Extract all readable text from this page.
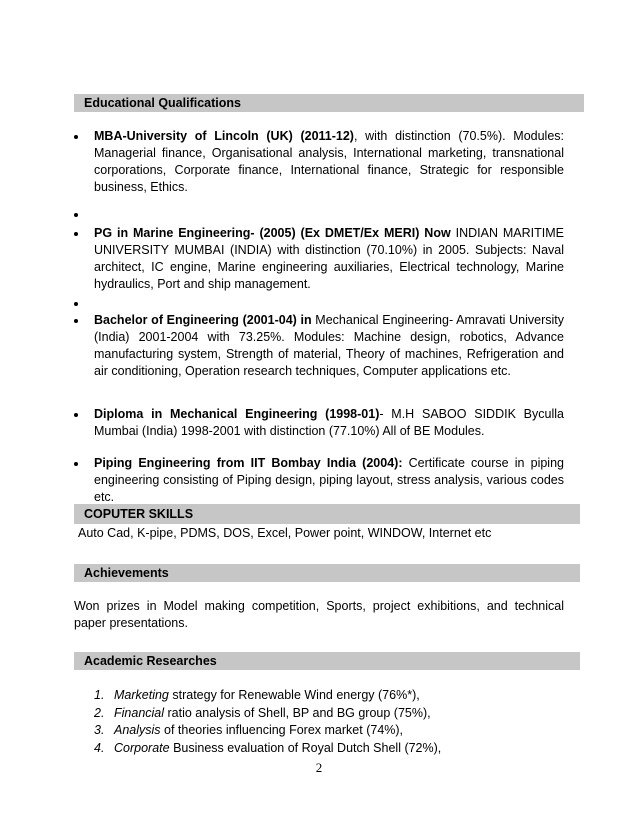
Educational Qualifications
MBA-University of Lincoln (UK) (2011-12), with distinction (70.5%). Modules: Managerial finance, Organisational analysis, International marketing, transnational corporations, Corporate finance, International finance, Strategic for responsible business, Ethics.
PG in Marine Engineering- (2005) (Ex DMET/Ex MERI) Now INDIAN MARITIME UNIVERSITY MUMBAI (INDIA) with distinction (70.10%) in 2005. Subjects: Naval architect, IC engine, Marine engineering auxiliaries, Electrical technology, Marine hydraulics, Port and ship management.
Bachelor of Engineering (2001-04) in Mechanical Engineering- Amravati University (India) 2001-2004 with 73.25%. Modules: Machine design, robotics, Advance manufacturing system, Strength of material, Theory of machines, Refrigeration and air conditioning, Operation research techniques, Computer applications etc.
Diploma in Mechanical Engineering (1998-01)- M.H SABOO SIDDIK Byculla Mumbai (India) 1998-2001 with distinction (77.10%) All of BE Modules.
Piping Engineering from IIT Bombay India (2004): Certificate course in piping engineering consisting of Piping design, piping layout, stress analysis, various codes etc.
COPUTER SKILLS
Auto Cad, K-pipe, PDMS, DOS, Excel, Power point, WINDOW, Internet etc
Achievements
Won prizes in Model making competition, Sports, project exhibitions, and technical paper presentations.
Academic Researches
1. Marketing strategy for Renewable Wind energy (76%*),
2. Financial ratio analysis of Shell, BP and BG group (75%),
3. Analysis of theories influencing Forex market (74%),
4. Corporate Business evaluation of Royal Dutch Shell (72%),
2
